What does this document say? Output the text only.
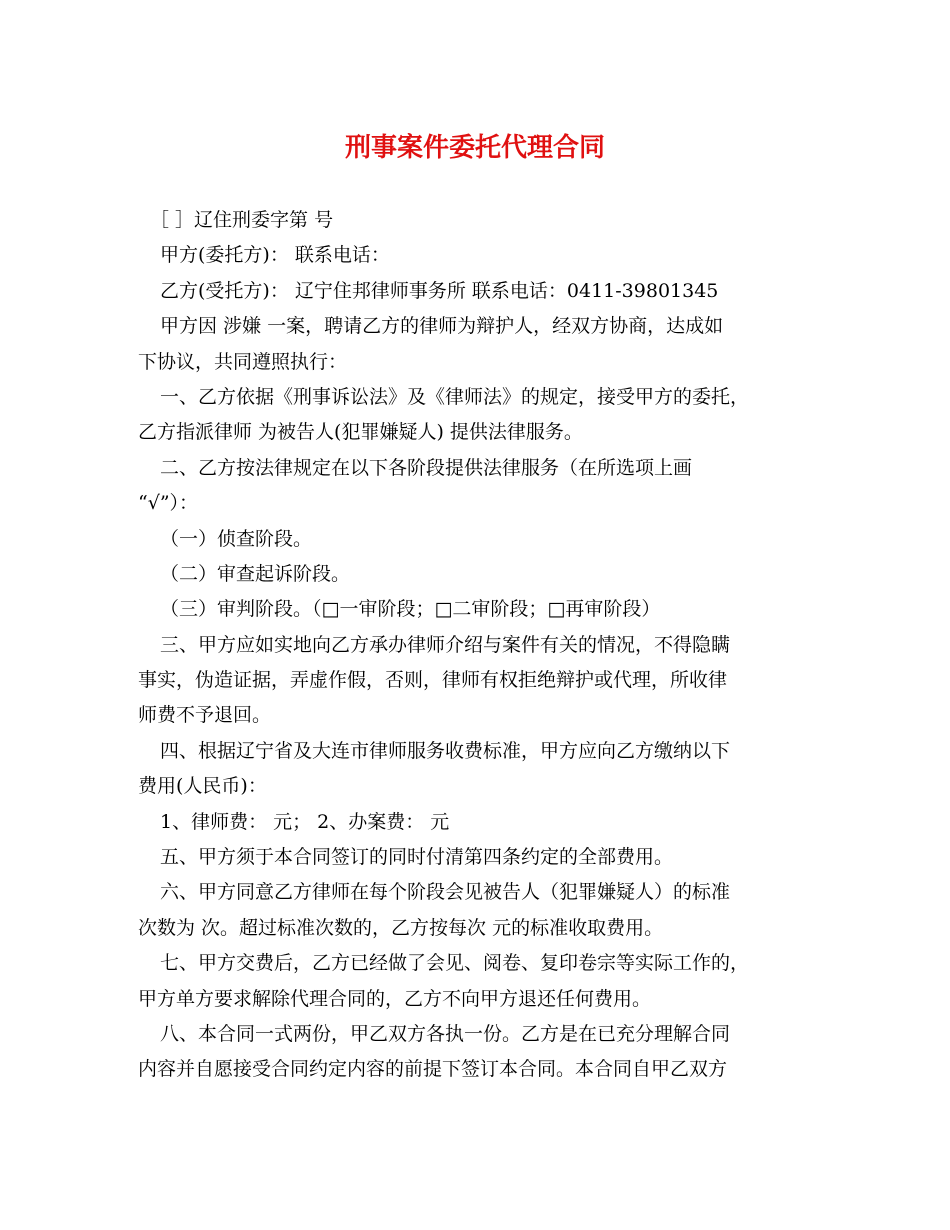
刑事案件委托代理合同
［ ］辽住刑委字第 号
甲方(委托方)： 联系电话：
乙方(受托方)： 辽宁住邦律师事务所 联系电话：0411-39801345
甲方因 涉嫌 一案，聘请乙方的律师为辩护人，经双方协商，达成如
下协议，共同遵照执行：
一、乙方依据《刑事诉讼法》及《律师法》的规定，接受甲方的委托，
乙方指派律师 为被告人(犯罪嫌疑人) 提供法律服务。
二、乙方按法律规定在以下各阶段提供法律服务（在所选项上画
“√”）：
（一）侦查阶段。
（二）审查起诉阶段。
（三）审判阶段。（□一审阶段；□二审阶段；□再审阶段）
三、甲方应如实地向乙方承办律师介绍与案件有关的情况，不得隐瞒
事实，伪造证据，弄虚作假，否则，律师有权拒绝辩护或代理，所收律
师费不予退回。
四、根据辽宁省及大连市律师服务收费标准，甲方应向乙方缴纳以下
费用(人民币)：
1、律师费： 元； 2、办案费： 元
五、甲方须于本合同签订的同时付清第四条约定的全部费用。
六、甲方同意乙方律师在每个阶段会见被告人（犯罪嫌疑人）的标准
次数为 次。超过标准次数的，乙方按每次 元的标准收取费用。
七、甲方交费后，乙方已经做了会见、阅卷、复印卷宗等实际工作的，
甲方单方要求解除代理合同的，乙方不向甲方退还任何费用。
八、本合同一式两份，甲乙双方各执一份。乙方是在已充分理解合同
内容并自愿接受合同约定内容的前提下签订本合同。本合同自甲乙双方
